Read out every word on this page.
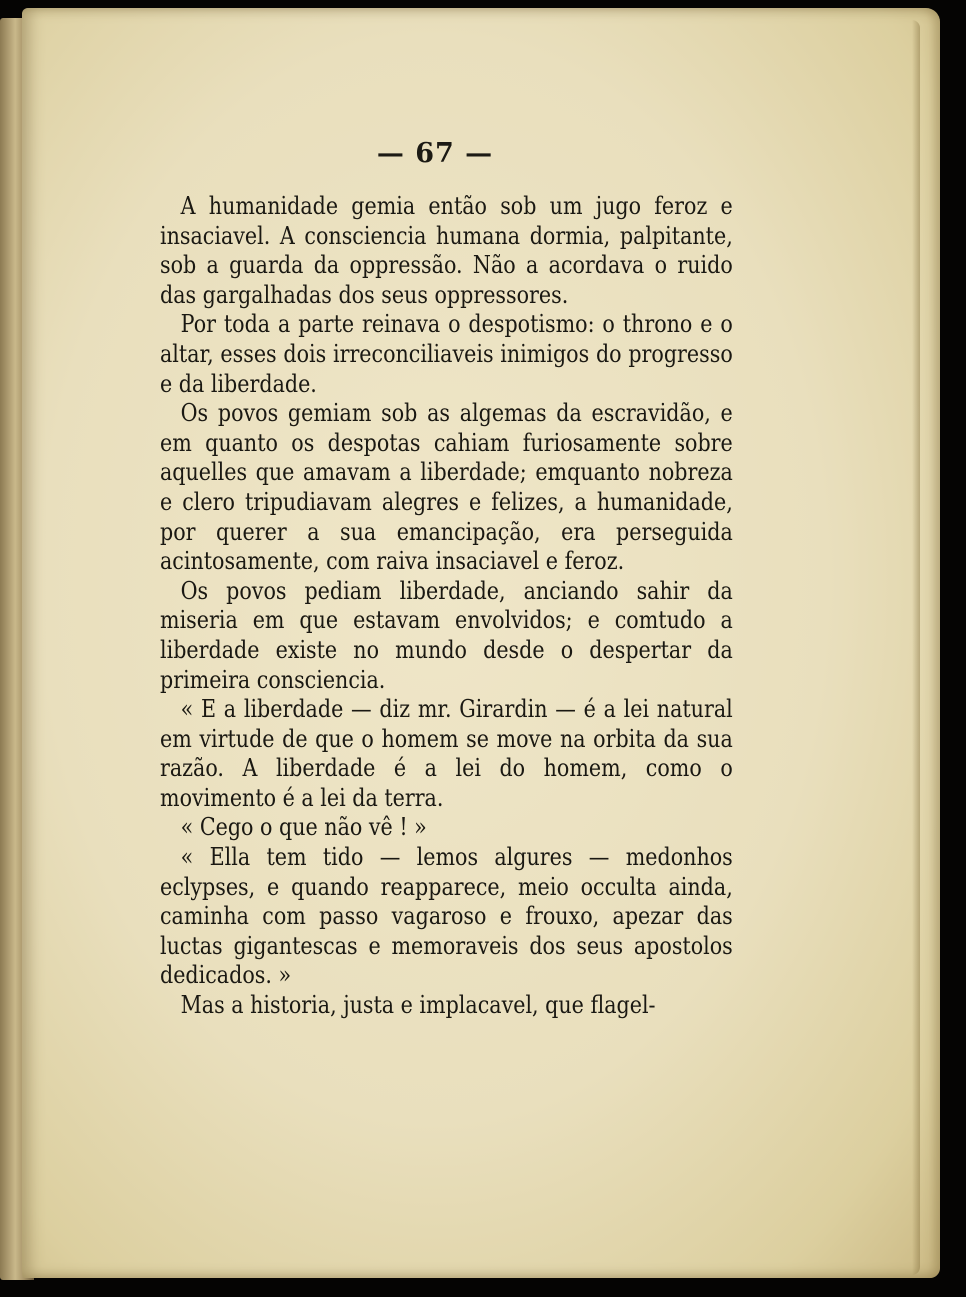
— 67 —

A humanidade gemia então sob um jugo feroz e insaciavel. A consciencia humana dormia, palpitante, sob a guarda da oppressão. Não a acordava o ruido das gargalhadas dos seus oppressores.

Por toda a parte reinava o despotismo: o throno e o altar, esses dois irreconciliaveis inimigos do progresso e da liberdade.

Os povos gemiam sob as algemas da escravidão, e em quanto os despotas cahiam furiosamente sobre aquelles que amavam a liberdade; emquanto nobreza e clero tripudiavam alegres e felizes, a humanidade, por querer a sua emancipação, era perseguida acintosamente, com raiva insaciavel e feroz.

Os povos pediam liberdade, anciando sahir da miseria em que estavam envolvidos; e comtudo a liberdade existe no mundo desde o despertar da primeira consciencia.

« E a liberdade — diz mr. Girardin — é a lei natural em virtude de que o homem se move na orbita da sua razão. A liberdade é a lei do homem, como o movimento é a lei da terra.

« Cego o que não vê ! »

« Ella tem tido — lemos algures — medonhos eclypses, e quando reapparece, meio occulta ainda, caminha com passo vagaroso e frouxo, apezar das luctas gigantescas e memoraveis dos seus apostolos dedicados. »

Mas a historia, justa e implacavel, que flagel-
